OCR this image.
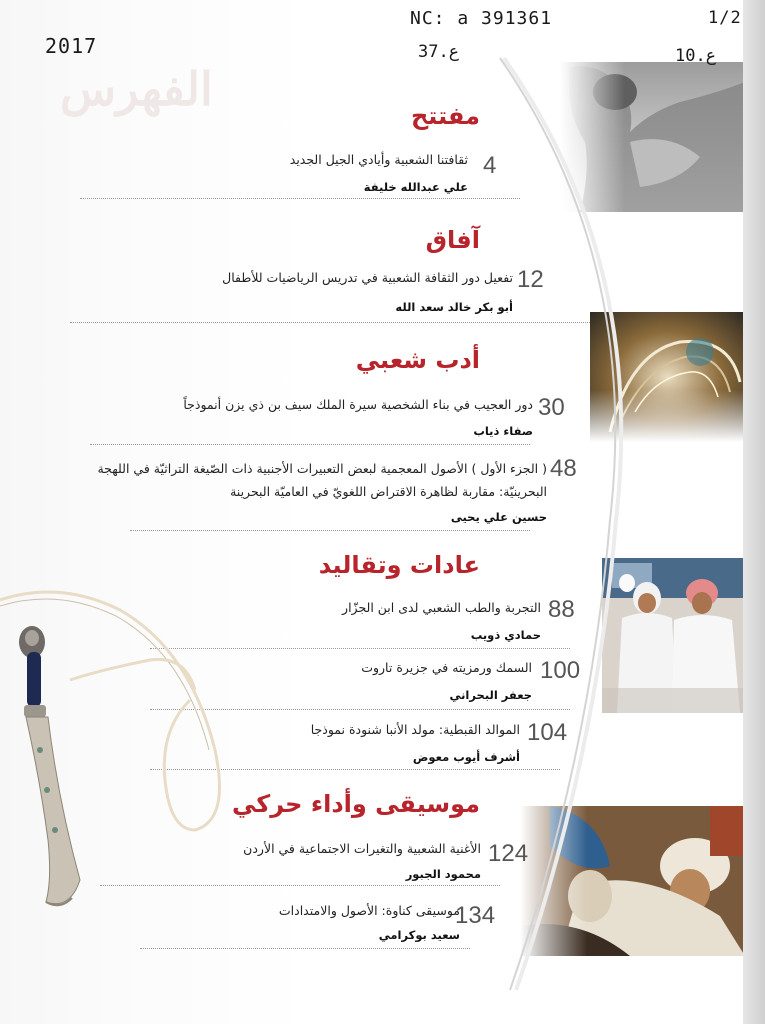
الفهرس
NC: a 391361	1/2
2017	37.ع	10.ع
مفتتح
4
ثقافتنا الشعبية وأيادي الجيل الجديد
علي عبدالله خليفة
آفاق
12
تفعيل دور الثقافة الشعبية في تدريس الرياضيات للأطفال
أبو بكر خالد سعد الله
أدب شعبي
30
دور العجيب في بناء الشخصية سيرة الملك سيف بن ذي يزن أنموذجاً
صفاء ذياب
48
( الجزء الأول ) الأصول المعجمية لبعض التعبيرات الأجنبية ذات الصّيغة التراثيّة في اللهجة
البحرينيّة: مقاربة لظاهرة الاقتراض اللغويّ في العاميّة البحرينة
حسين علي يحيى
عادات وتقاليد
88
التجربة والطب الشعبي لدى ابن الجزّار
حمادي ذويب
100
السمك ورمزيته في جزيرة تاروت
جعفر البحراني
104
الموالد القبطية: مولد الأنبا شنودة نموذجا
أشرف أيوب معوض
موسيقى وأداء حركي
124
الأغنية الشعبية والتغيرات الاجتماعية في الأردن
محمود الجبور
134
موسيقى كناوة: الأصول والامتدادات
سعيد بوكرامي
